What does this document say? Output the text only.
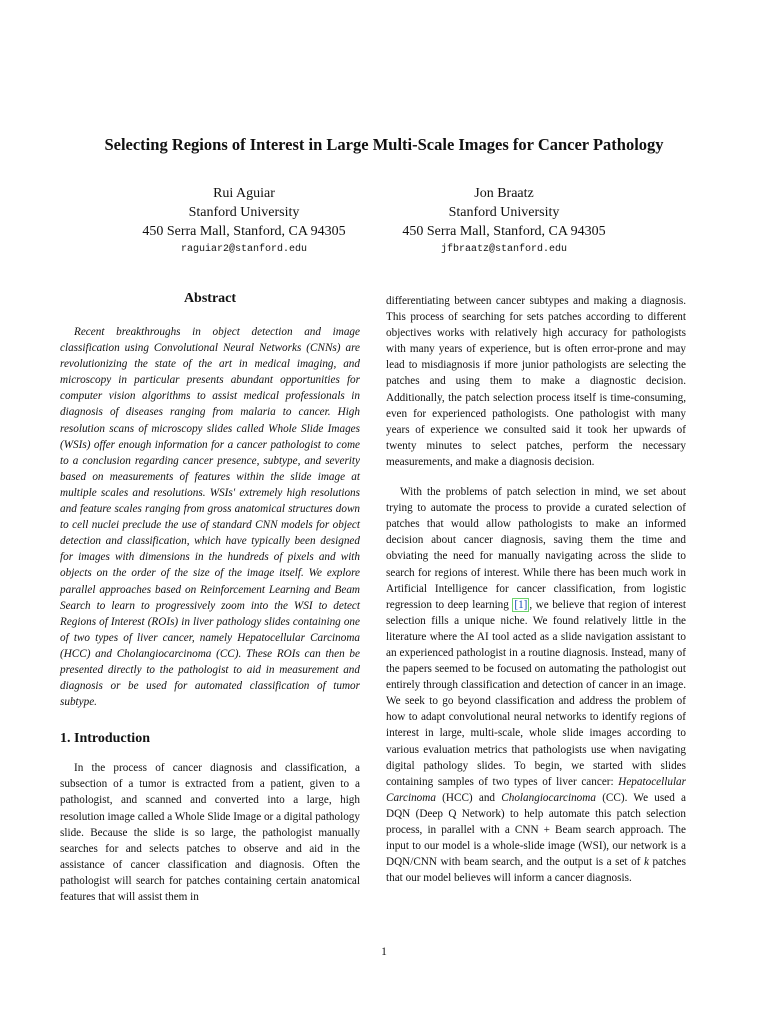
Selecting Regions of Interest in Large Multi-Scale Images for Cancer Pathology
Rui Aguiar
Stanford University
450 Serra Mall, Stanford, CA 94305
raguiar2@stanford.edu
Jon Braatz
Stanford University
450 Serra Mall, Stanford, CA 94305
jfbraatz@stanford.edu
Abstract

Recent breakthroughs in object detection and image classification using Convolutional Neural Networks (CNNs) are revolutionizing the state of the art in medical imaging, and microscopy in particular presents abundant opportunities for computer vision algorithms to assist medical professionals in diagnosis of diseases ranging from malaria to cancer. High resolution scans of microscopy slides called Whole Slide Images (WSIs) offer enough information for a cancer pathologist to come to a conclusion regarding cancer presence, subtype, and severity based on measurements of features within the slide image at multiple scales and resolutions. WSIs' extremely high resolutions and feature scales ranging from gross anatomical structures down to cell nuclei preclude the use of standard CNN models for object detection and classification, which have typically been designed for images with dimensions in the hundreds of pixels and with objects on the order of the size of the image itself. We explore parallel approaches based on Reinforcement Learning and Beam Search to learn to progressively zoom into the WSI to detect Regions of Interest (ROIs) in liver pathology slides containing one of two types of liver cancer, namely Hepatocellular Carcinoma (HCC) and Cholangiocarcinoma (CC). These ROIs can then be presented directly to the pathologist to aid in measurement and diagnosis or be used for automated classification of tumor subtype.

1. Introduction

In the process of cancer diagnosis and classification, a subsection of a tumor is extracted from a patient, given to a pathologist, and scanned and converted into a large, high resolution image called a Whole Slide Image or a digital pathology slide. Because the slide is so large, the pathologist manually searches for and selects patches to observe and aid in the assistance of cancer classification and diagnosis. Often the pathologist will search for patches containing certain anatomical features that will assist them in

differentiating between cancer subtypes and making a diagnosis. This process of searching for sets patches according to different objectives works with relatively high accuracy for pathologists with many years of experience, but is often error-prone and may lead to misdiagnosis if more junior pathologists are selecting the patches and using them to make a diagnostic decision. Additionally, the patch selection process itself is time-consuming, even for experienced pathologists. One pathologist with many years of experience we consulted said it took her upwards of twenty minutes to select patches, perform the necessary measurements, and make a diagnosis decision.

With the problems of patch selection in mind, we set about trying to automate the process to provide a curated selection of patches that would allow pathologists to make an informed decision about cancer diagnosis, saving them the time and obviating the need for manually navigating across the slide to search for regions of interest. While there has been much work in Artificial Intelligence for cancer classification, from logistic regression to deep learning [1] , we believe that region of interest selection fills a unique niche. We found relatively little in the literature where the AI tool acted as a slide navigation assistant to an experienced pathologist in a routine diagnosis. Instead, many of the papers seemed to be focused on automating the pathologist out entirely through classification and detection of cancer in an image. We seek to go beyond classification and address the problem of how to adapt convolutional neural networks to identify regions of interest in large, multi-scale, whole slide images according to various evaluation metrics that pathologists use when navigating digital pathology slides. To begin, we started with slides containing samples of two types of liver cancer: Hepatocellular Carcinoma (HCC) and Cholangiocarcinoma (CC). We used a DQN (Deep Q Network) to help automate this patch selection process, in parallel with a CNN + Beam search approach. The input to our model is a whole-slide image (WSI), our network is a DQN/CNN with beam search, and the output is a set of k patches that our model believes will inform a cancer diagnosis.

1
